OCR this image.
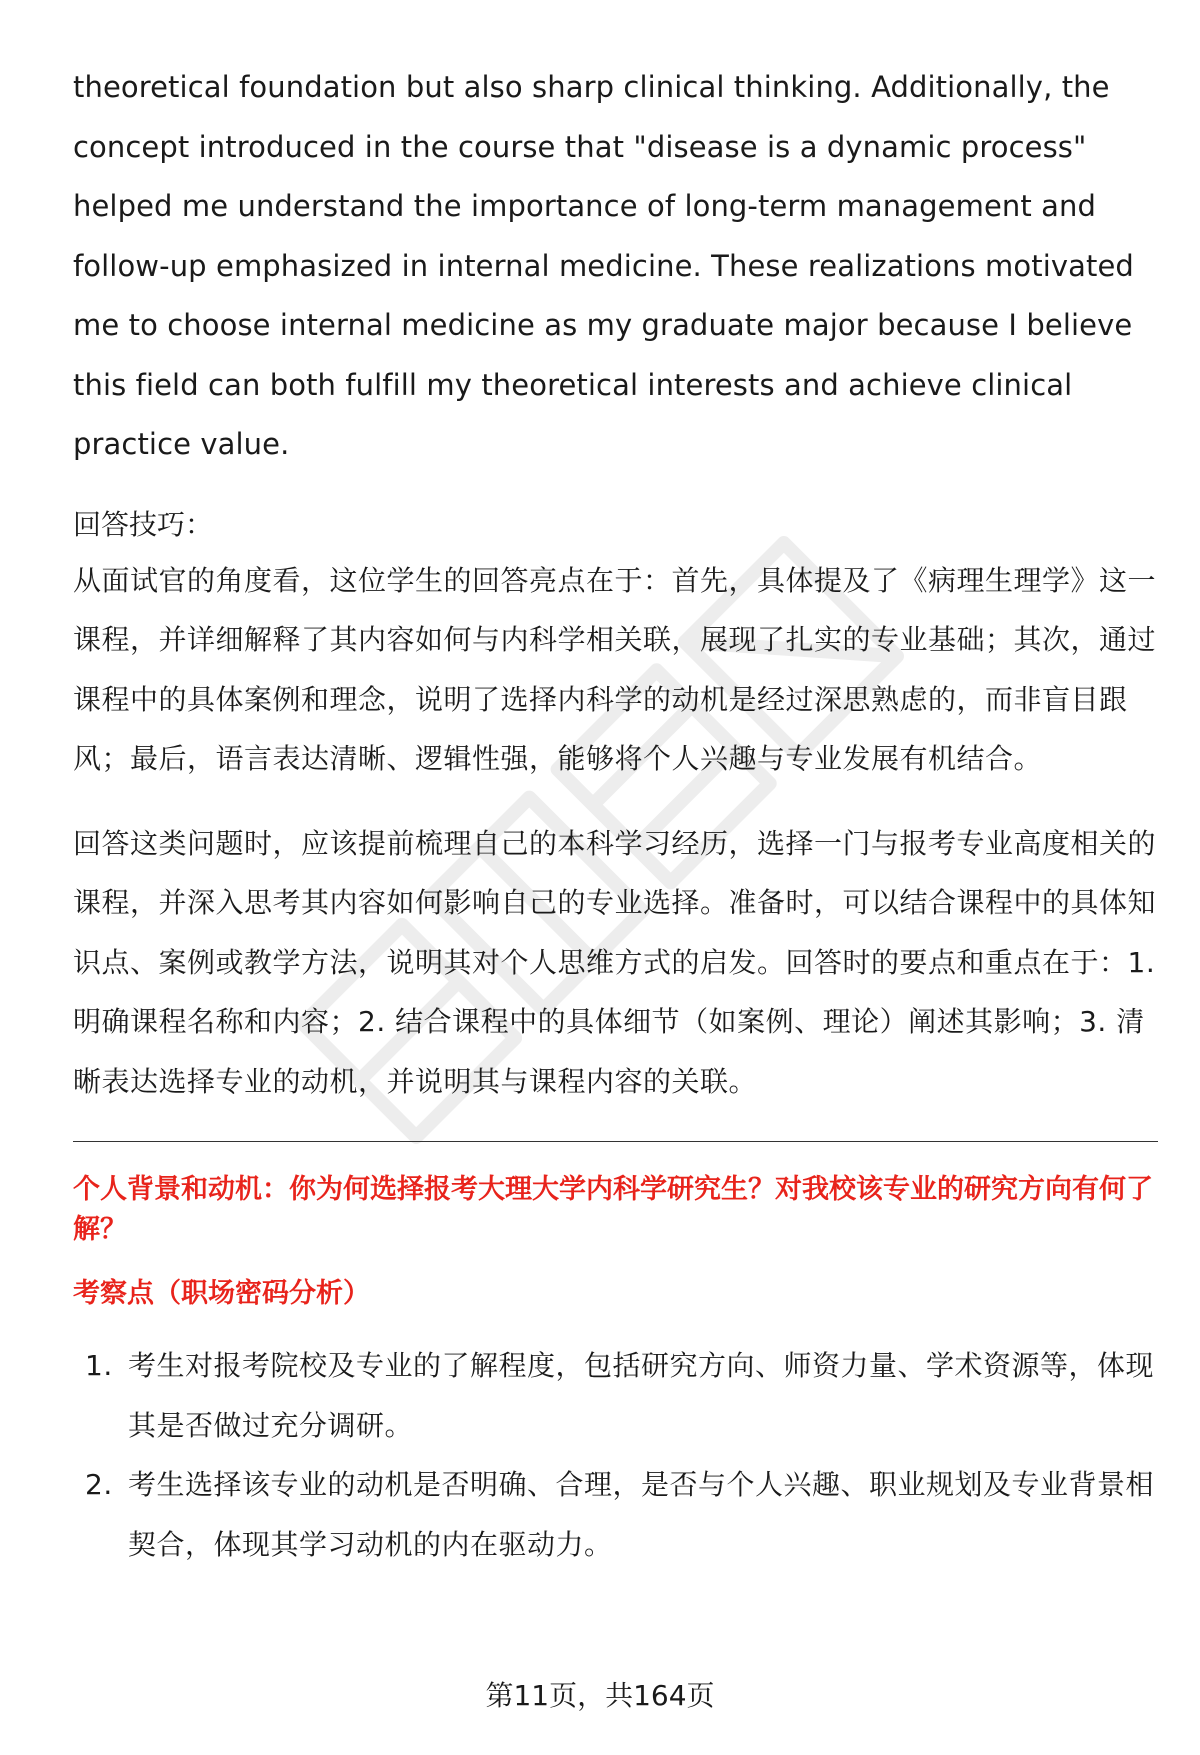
theoretical foundation but also sharp clinical thinking. Additionally, the concept introduced in the course that "disease is a dynamic process" helped me understand the importance of long-term management and follow-up emphasized in internal medicine. These realizations motivated me to choose internal medicine as my graduate major because I believe this field can both fulfill my theoretical interests and achieve clinical practice value.

回答技巧：

从面试官的角度看，这位学生的回答亮点在于：首先，具体提及了《病理生理学》这一课程，并详细解释了其内容如何与内科学相关联，展现了扎实的专业基础；其次，通过课程中的具体案例和理念，说明了选择内科学的动机是经过深思熟虑的，而非盲目跟风；最后，语言表达清晰、逻辑性强，能够将个人兴趣与专业发展有机结合。

回答这类问题时，应该提前梳理自己的本科学习经历，选择一门与报考专业高度相关的课程，并深入思考其内容如何影响自己的专业选择。准备时，可以结合课程中的具体知识点、案例或教学方法，说明其对个人思维方式的启发。回答时的要点和重点在于：1. 明确课程名称和内容；2. 结合课程中的具体细节（如案例、理论）阐述其影响；3. 清晰表达选择专业的动机，并说明其与课程内容的关联。

个人背景和动机：你为何选择报考大理大学内科学研究生？对我校该专业的研究方向有何了解？
考察点（职场密码分析）
1. 考生对报考院校及专业的了解程度，包括研究方向、师资力量、学术资源等，体现其是否做过充分调研。
2. 考生选择该专业的动机是否明确、合理，是否与个人兴趣、职业规划及专业背景相契合，体现其学习动机的内在驱动力。
第11页，共164页
